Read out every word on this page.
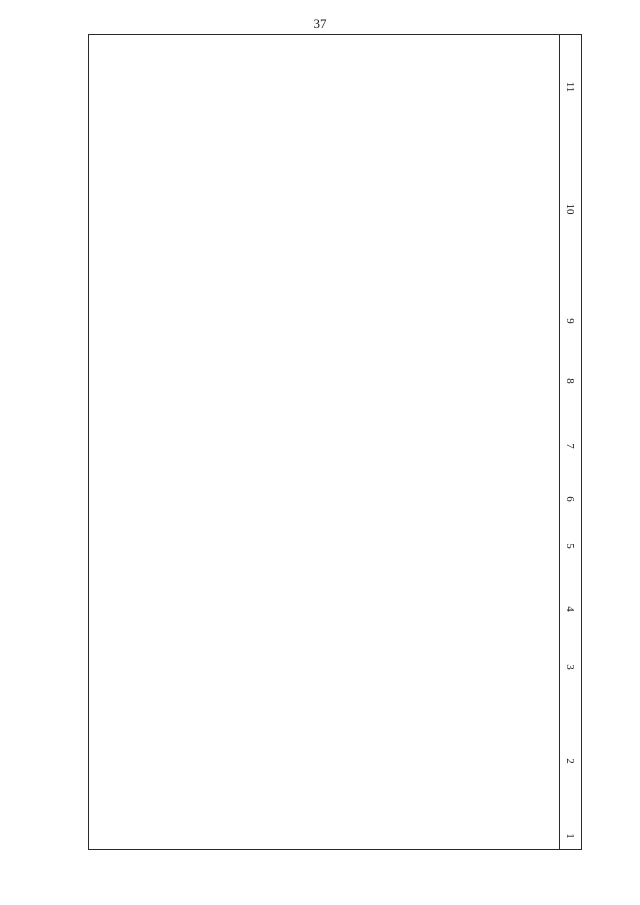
37
1
2
3
4
5
6
7
8
9
10
11
